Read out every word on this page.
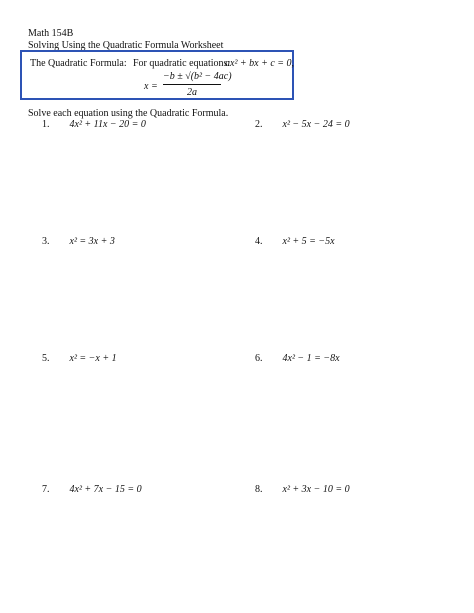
Math 154B
Solving Using the Quadratic Formula Worksheet
The Quadratic Formula: For quadratic equations:
ax² + bx + c = 0,
x =
−b ± √(b² − 4ac)
2a
Solve each equation using the Quadratic Formula.
1. 4x² + 11x − 20 = 0	2. x² − 5x − 24 = 0
3. x² = 3x + 3	4. x² + 5 = −5x
5. x² = −x + 1	6. 4x² − 1 = −8x
7. 4x² + 7x − 15 = 0	8. x² + 3x − 10 = 0
